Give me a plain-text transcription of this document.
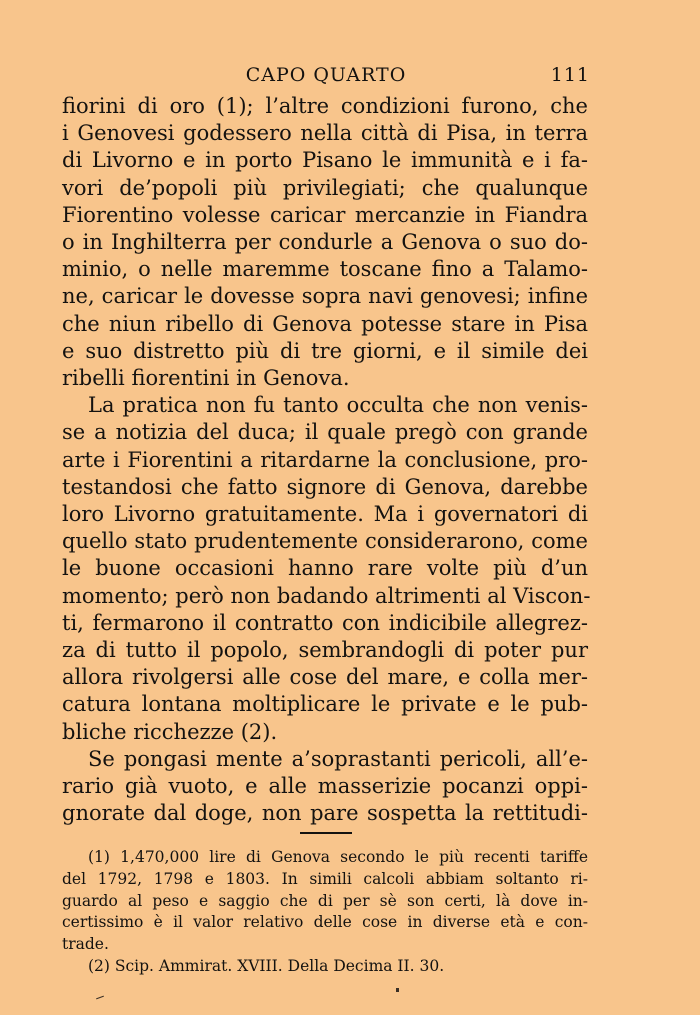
CAPO QUARTO	111
fiorini di oro (1); l’altre condizioni furono, che
i Genovesi godessero nella città di Pisa, in terra
di Livorno e in porto Pisano le immunità e i fa-
vori de’popoli più privilegiati; che qualunque
Fiorentino volesse caricar mercanzie in Fiandra
o in Inghilterra per condurle a Genova o suo do-
minio, o nelle maremme toscane fino a Talamo-
ne, caricar le dovesse sopra navi genovesi; infine
che niun ribello di Genova potesse stare in Pisa
e suo distretto più di tre giorni, e il simile dei
ribelli fiorentini in Genova.
La pratica non fu tanto occulta che non venis-
se a notizia del duca; il quale pregò con grande
arte i Fiorentini a ritardarne la conclusione, pro-
testandosi che fatto signore di Genova, darebbe
loro Livorno gratuitamente. Ma i governatori di
quello stato prudentemente considerarono, come
le buone occasioni hanno rare volte più d’un
momento; però non badando altrimenti al Viscon-
ti, fermarono il contratto con indicibile allegrez-
za di tutto il popolo, sembrandogli di poter pur
allora rivolgersi alle cose del mare, e colla mer-
catura lontana moltiplicare le private e le pub-
bliche ricchezze (2).
Se pongasi mente a’soprastanti pericoli, all’e-
rario già vuoto, e alle masserizie pocanzi oppi-
gnorate dal doge, non pare sospetta la rettitudi-
(1) 1,470,000 lire di Genova secondo le più recenti tariffe
del 1792, 1798 e 1803. In simili calcoli abbiam soltanto ri-
guardo al peso e saggio che di per sè son certi, là dove in-
certissimo è il valor relativo delle cose in diverse età e con-
trade.
(2) Scip. Ammirat. XVIII. Della Decima II. 30.
